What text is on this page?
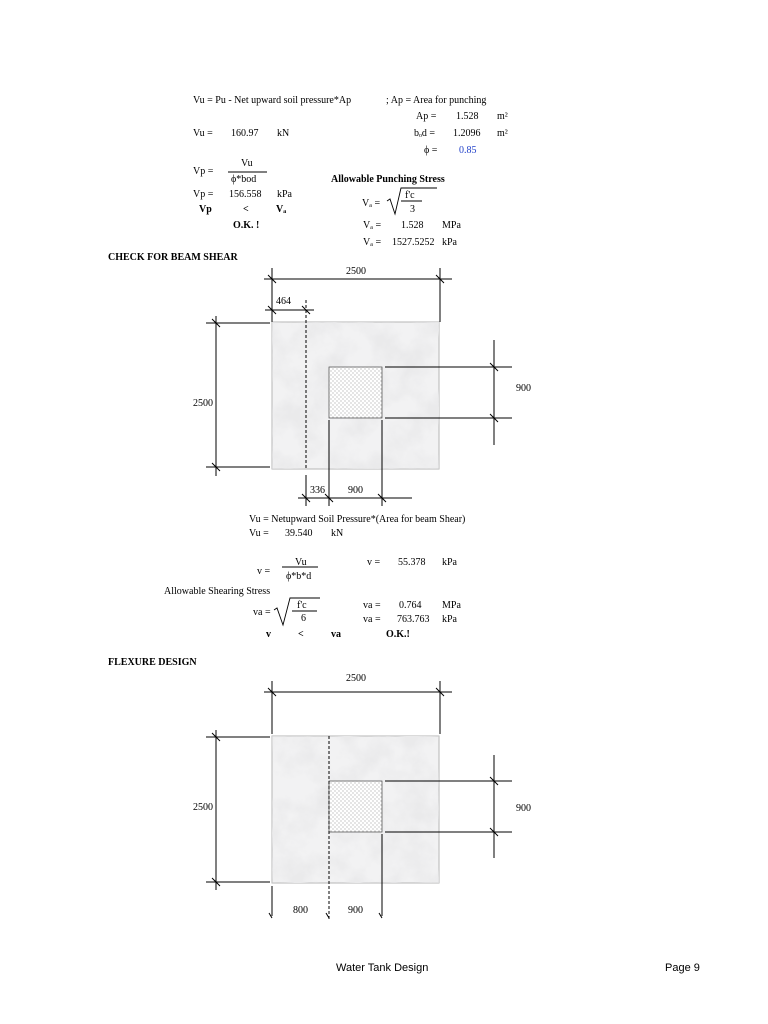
Vu = Pu - Net upward soil pressure*Ap	; Ap = Area for punching
Ap = 1.528 m²
Vu = 160.97 kN	bₒd = 1.2096 m²
ϕ = 0.85
Vp =
Vu
ϕ*bod	Allowable Punching Stress
Vp = 156.558 kPa
Vₐ =
f'c
3
Vp	<	Vₐ
O.K. !	Vₐ = 1.528 MPa
Vₐ = 1527.5252 kPa
CHECK FOR BEAM SHEAR
2500
464
2500
900
336 900
2500
2500	900
800	900
Vu = Netupward Soil Pressure*(Area for beam Shear)
Vu = 39.540 kN
v =
Vu
ϕ*b*d
v = 55.378 kPa
Allowable Shearing Stress
va =
f'c
6
va = 0.764 MPa
va = 763.763 kPa
v	<	va	O.K.!
FLEXURE DESIGN
Water Tank Design	Page 9
